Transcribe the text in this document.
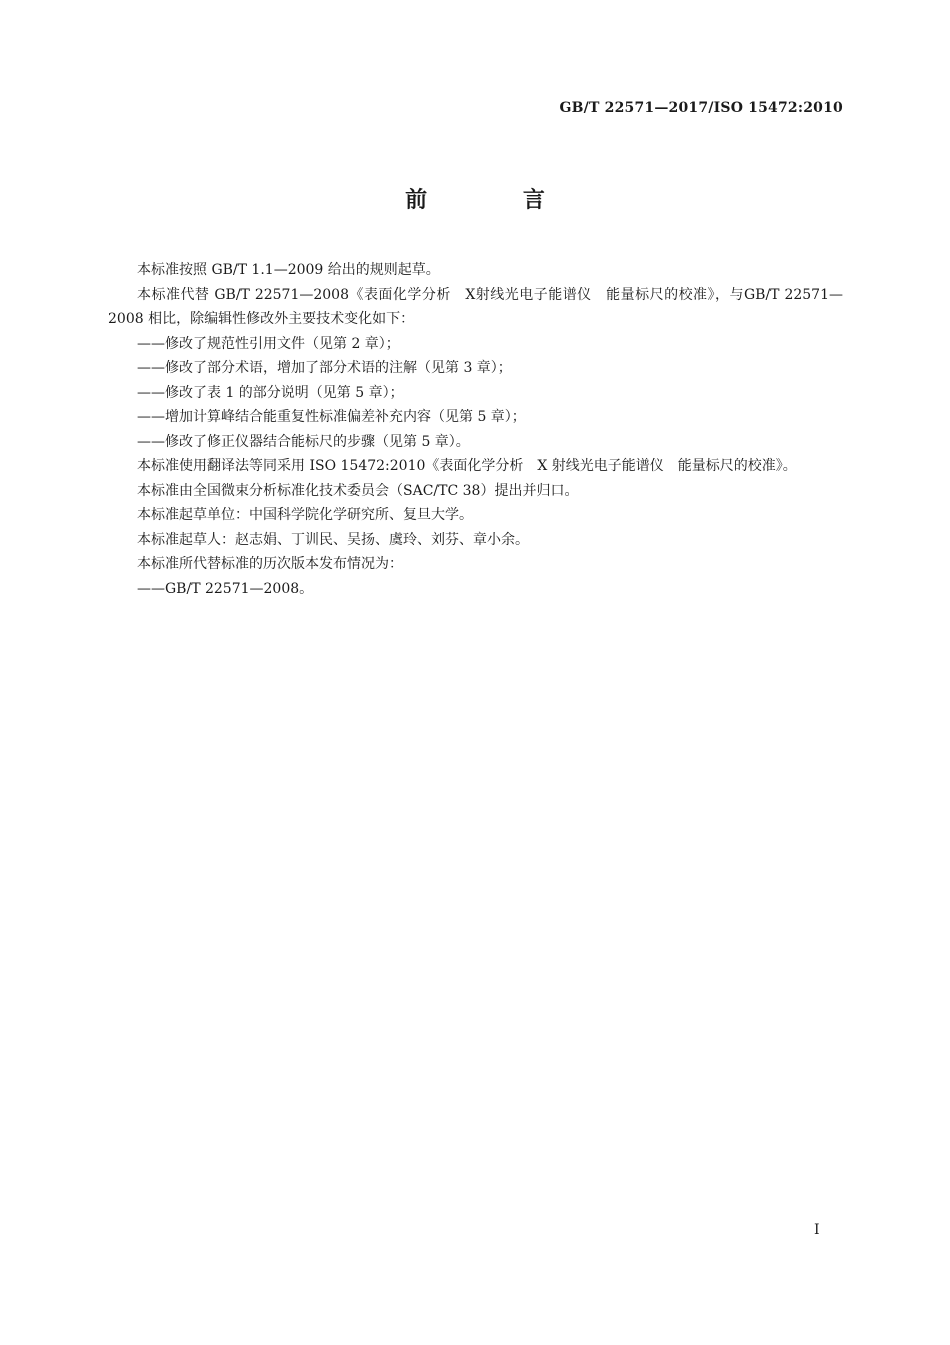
GB/T 22571—2017/ISO 15472:2010
前 言

本标准按照 GB/T 1.1—2009 给出的规则起草。

本标准代替 GB/T 22571—2008《表面化学分析　X射线光电子能谱仪　能量标尺的校准》，与GB/T 22571—2008 相比，除编辑性修改外主要技术变化如下：

——修改了规范性引用文件（见第 2 章）；

——修改了部分术语，增加了部分术语的注解（见第 3 章）；

——修改了表 1 的部分说明（见第 5 章）；

——增加计算峰结合能重复性标准偏差补充内容（见第 5 章）；

——修改了修正仪器结合能标尺的步骤（见第 5 章）。

本标准使用翻译法等同采用 ISO 15472:2010《表面化学分析　X 射线光电子能谱仪　能量标尺的校准》。

本标准由全国微束分析标准化技术委员会（SAC/TC 38）提出并归口。

本标准起草单位：中国科学院化学研究所、复旦大学。

本标准起草人：赵志娟、丁训民、吴扬、虞玲、刘芬、章小余。

本标准所代替标准的历次版本发布情况为：

——GB/T 22571—2008。

I
